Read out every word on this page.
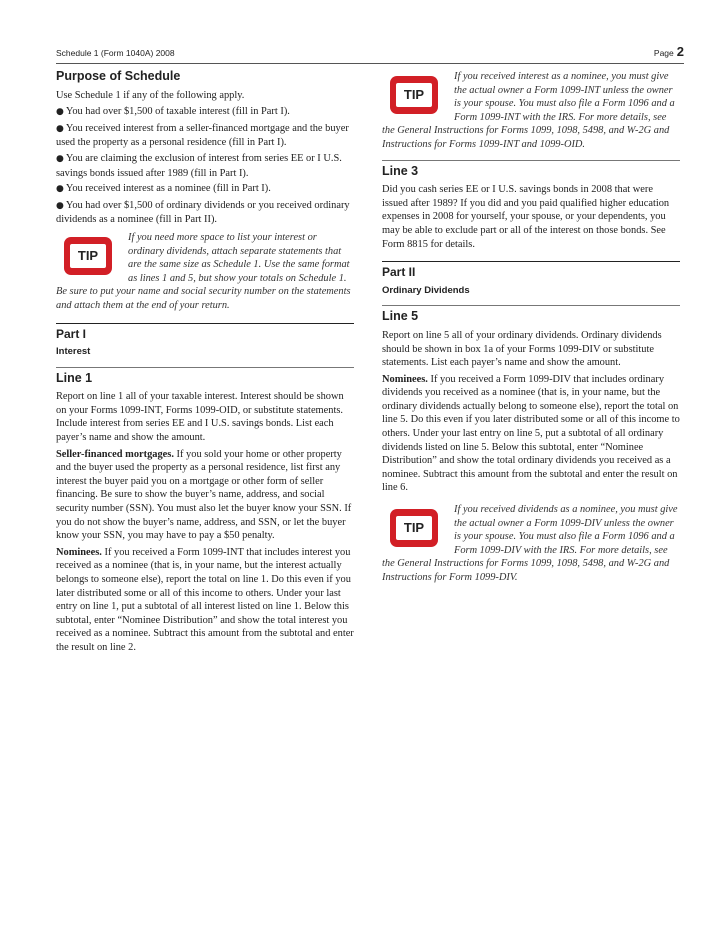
Schedule 1 (Form 1040A) 2008	Page 2
Purpose of Schedule

Use Schedule 1 if any of the following apply.

● You had over $1,500 of taxable interest (fill in Part I).
● You received interest from a seller-financed mortgage and the buyer used the property as a personal residence (fill in Part I).
● You are claiming the exclusion of interest from series EE or I U.S. savings bonds issued after 1989 (fill in Part I).
● You received interest as a nominee (fill in Part I).
● You had over $1,500 of ordinary dividends or you received ordinary dividends as a nominee (fill in Part II).
TIP
If you need more space to list your interest or ordinary dividends, attach separate statements that are the same size as Schedule 1. Use the same format as lines 1 and 5, but show your totals on Schedule 1. Be sure to put your name and social security number on the statements and attach them at the end of your return.
Part I
Interest
Line 1

Report on line 1 all of your taxable interest. Interest should be shown on your Forms 1099-INT, Forms 1099-OID, or substitute statements. Include interest from series EE and I U.S. savings bonds. List each payer’s name and show the amount.

Seller-financed mortgages. If you sold your home or other property and the buyer used the property as a personal residence, list first any interest the buyer paid you on a mortgage or other form of seller financing. Be sure to show the buyer’s name, address, and social security number (SSN). You must also let the buyer know your SSN. If you do not show the buyer’s name, address, and SSN, or let the buyer know your SSN, you may have to pay a $50 penalty.

Nominees. If you received a Form 1099-INT that includes interest you received as a nominee (that is, in your name, but the interest actually belongs to someone else), report the total on line 1. Do this even if you later distributed some or all of this income to others. Under your last entry on line 1, put a subtotal of all interest listed on line 1. Below this subtotal, enter “Nominee Distribution” and show the total interest you received as a nominee. Subtract this amount from the subtotal and enter the result on line 2.

TIP
If you received interest as a nominee, you must give the actual owner a Form 1099-INT unless the owner is your spouse. You must also file a Form 1096 and a Form 1099-INT with the IRS. For more details, see the General Instructions for Forms 1099, 1098, 5498, and W-2G and Instructions for Forms 1099-INT and 1099-OID.
Line 3

Did you cash series EE or I U.S. savings bonds in 2008 that were issued after 1989? If you did and you paid qualified higher education expenses in 2008 for yourself, your spouse, or your dependents, you may be able to exclude part or all of the interest on those bonds. See Form 8815 for details.

Part II
Ordinary Dividends
Line 5

Report on line 5 all of your ordinary dividends. Ordinary dividends should be shown in box 1a of your Forms 1099-DIV or substitute statements. List each payer’s name and show the amount.

Nominees. If you received a Form 1099-DIV that includes ordinary dividends you received as a nominee (that is, in your name, but the ordinary dividends actually belong to someone else), report the total on line 5. Do this even if you later distributed some or all of this income to others. Under your last entry on line 5, put a subtotal of all ordinary dividends listed on line 5. Below this subtotal, enter “Nominee Distribution” and show the total ordinary dividends you received as a nominee. Subtract this amount from the subtotal and enter the result on line 6.

TIP
If you received dividends as a nominee, you must give the actual owner a Form 1099-DIV unless the owner is your spouse. You must also file a Form 1096 and a Form 1099-DIV with the IRS. For more details, see the General Instructions for Forms 1099, 1098, 5498, and W-2G and Instructions for Form 1099-DIV.
